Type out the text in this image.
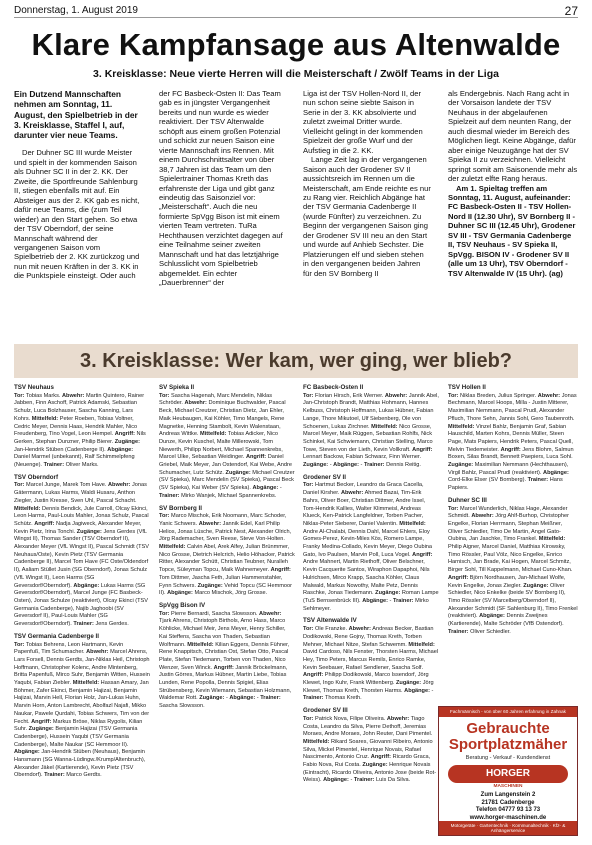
Donnerstag, 1. August 2019	27
Klare Kampfansage aus Altenwalde
3. Kreisklasse: Neue vierte Herren will die Meisterschaft / Zwölf Teams in der Liga

Ein Dutzend Mannschaften nehmen am Sonntag, 11. August, den Spielbetrieb in der 3. Kreisklasse, Staffel I, auf, darunter vier neue Teams.

Der Duhner SC III wurde Meister und spielt in der kommenden Saison als Duhner SC II in der 2. KK. Der Zweite, die Sportfreunde Sahlenburg II, stiegen ebenfalls mit auf. Ein Absteiger aus der 2. KK gab es nicht, dafür neue Teams, die (zum Teil wieder) an den Start gehen. So etwa der TSV Oberndorf, der seine Mannschaft während der vergangenen Saison vom Spielbetrieb der 2. KK zurückzog und nun mit neuen Kräften in der 3. KK in die Punktspiele einsteigt. Oder auch

der FC Basbeck-Osten II: Das Team gab es in jüngster Vergangenheit bereits und nun wurde es wieder reaktiviert. Der TSV Altenwalde schöpft aus einem großen Potenzial und schickt zur neuen Saison eine vierte Mannschaft ins Rennen. Mit einem Durchschnittsalter von über 38,7 Jahren ist das Team um den Spielertrainer Thomas Kreth das erfahrenste der Liga und gibt ganz eindeutig das Saisonziel vor: „Meisterschaft“. Auch die neu formierte SpVgg Bison ist mit einem vierten Team vertreten. TuRa Hechthausen verzichtet dagegen auf eine Teilnahme seiner zweiten Mannschaft und hat das letztjährige Schlusslicht vom Spielbetrieb abgemeldet. Ein echter „Dauerbrenner“ der

Liga ist der TSV Hollen-Nord II, der nun schon seine siebte Saison in Serie in der 3. KK absolvierte und zuletzt zweimal Dritter wurde. Vielleicht gelingt in der kommenden Spielzeit der große Wurf und der Aufstieg in die 2. KK.

Lange Zeit lag in der vergangenen Saison auch der Grodener SV II aussichtsreich im Rennen um die Meisterschaft, am Ende reichte es nur zu Rang vier. Reichlich Abgänge hat der TSV Germania Cadenberge II (wurde Fünfter) zu verzeichnen. Zu Beginn der vergangenen Saison ging der Grodener SV III neu an den Start und wurde auf Anhieb Sechster. Die Platzierungen elf und sieben stehen in den vergangenen beiden Jahren für den SV Bornberg II

als Endergebnis. Nach Rang acht in der Vorsaison landete der TSV Neuhaus in der abgelaufenen Spielzeit auf dem neunten Rang, der auch diesmal wieder im Bereich des Möglichen liegt. Keine Abgänge, dafür aber einige Neuzugänge hat der SV Spieka II zu verzeichnen. Vielleicht springt somit am Saisonende mehr als der zuletzt elfte Rang heraus.

Am 1. Spieltag treffen am Sonntag, 11. August, aufeinander: FC Basbeck-Osten II - TSV Hollen-Nord II (12.30 Uhr), SV Bornberg II - Duhner SC III (12.45 Uhr), Grodener SV III - TSV Germania Cadenberge II, TSV Neuhaus - SV Spieka II, SpVgg. BISON IV - Grodener SV II (alle um 13 Uhr), TSV Oberndorf - TSV Altenwalde IV (15 Uhr). (ag)

3. Kreisklasse: Wer kam, wer ging, wer blieb?
TSV Neuhaus
Tor: Tobias Marks. Abwehr: Martin Quintero, Rainer Jabben, Finn Aschoff, Patrick Adamski, Sebastian Schulz, Luca Bolzhauser, Sascha Kanning, Lars Kohrs. Mittelfeld: Peter Roeben, Tobias Voltner, Cedric Meyer, Dennis Haas, Hendrik Mahler, Nico Freudenberg, Tino Vogel, Leon Hempel. Angriff: Nils Gerken, Stephan Dunzner, Philip Bierer. Zugänge: Jan-Hendrik Stüben (Cadenberge II). Abgänge: Daniel Marmel (unbekannt), Ralf Schimmelpfeng (Neuenge). Trainer: Oliver Marks.
TSV Oberndorf
Tor: Marcel Junge, Marek Tom Have. Abwehr: Jonas Gätermann, Lukas Harms, Waldi Husaru, Anthon Ziegler, Justin Kresse, Sven Uhl, Pascal Schacht. Mittelfeld: Dennis Bendick, Jule Carroll, Olcay Ekinci, Leon Harms, Paul-Louis Mahler, Jonas Schulz, Pascal Schütz. Angriff: Nadja Jagiweck, Alexander Meyer, Kevin Pietz, Irina Tonchi. Zugänge: Jens Gerdes (VfL Wingst II), Thomas Sander (TSV Oberndorf II), Alexander Meyer (VfL Wingst II), Pascal Schmidt (TSV Neuhaus/Oste), Kevin Pietz (TSV Germania Cadenberge II), Marcel Tom Have (FC Oste/Oldendorf II), Aaliam Stüllet Jusin (SG Oberndorf), Jonas Schulz (VfL Wingst II), Leon Harms (SG Geversdorf/Oberndorf). Abgänge: Lukas Harms (SG Geversdorf/Oberndorf), Marcel Junge (FC Basbeck-Osten), Jonas Schulze (reaktiviert), Olcay Ekinci (TSV Germania Cadenberge), Najib Jaghoobi (SV Geversdorf II), Paul-Louis Mahler (SG Geversdorf/Oberndorf). Trainer: Jens Gerdes.
TSV Germania Cadenberge II
Tor: Tobias Behrens, Leon Hartmann, Kevin Papenfuß, Tim Schumacher. Abwehr: Marcel Ahrens, Lars Forsell, Dennis Gerdts, Jan-Niklas Heil, Christoph Hoffmann, Christopher Kolenc, Andre Mintenberg, Britta Papenfuß, Mirco Suhr, Benjamin Witten, Hussein Yaqubi, Fabian Ziebler. Mittelfeld: Hassan Amary, Jan Böhmer, Zafer Ekinci, Benjamin Hajizai, Benjamin Hajizai, Marvin Hell, Florian Holz, Jan-Lukas Huhn, Marvin Horn, Anton Lambrecht, Abolfazl Najafi, Mikko Naukar, Pawele Qurdahi, Tobias Schwers, Tim von der Fecht. Angriff: Markus Bröse, Niklas Rygolis, Kilian Suhr. Zugänge: Benjamin Hajizai (TSV Germania Cadenberge), Hussein Yaqubi (TSV Germania Cadenberge), Malte Naukar (SC Hemmoor II). Abgänge: Jan-Hendrik Stüben (Neuhaus), Benjamin Hansmann (SG Wanna-Lüdingw./Krump/Altenbruch), Alexander Jäkel (Kartierende), Kevin Pietz (TSV Oberndorf). Trainer: Marco Gerdts.
SV Spieka II
Tor: Sascha Hagenah, Marc Mendelin, Niklas Schröder. Abwehr: Dominique Buchwalder, Pascal Beck, Michael Creutzer, Christian Dietz, Jan Ehler, Maik Heubaugen, Kai Köhler, Timo Mangels, Rene Magnetke, Henning Stambolt, Kevin Walenstaan, Andreas Wittke. Mittelfeld: Tobias Adicker, Nico Dunze, Kevin Kuschel, Malte Millerowski, Tom Niewerth, Philipp Norbert, Michael Spannenkrebs, Marcel Ulke, Sebastian Weidinger. Angriff: Daniel Griebel, Maik Meyer, Jan Ostendorf, Kai Webe, Andre Schumacher, Lutz Schütz. Zugänge: Michael Creutzer (SV Spieka), Marc Mendelin (SV Spieka), Pascal Beck (SV Spieka), Kai Weber (SV Spieka). Abgänge: - Trainer: Mirko Wanjek, Michael Spannenkrebs.
SV Bornberg II
Tor: Marco Mischok, Erik Noomann, Marc Schoder, Yanic Schwers. Abwehr: Jannik Edel, Karl Philip Helios, Jonas Lüsche, Patrick Nest, Alexander Olrich, Jörg Rademacher, Sven Reese, Steve Von-Holten. Mittelfeld: Calvin Abel, Arek Alfey, Julian Brünmmer, Nico Grosse, Dietrich Helcrich, Helio Höhacker, Patrick Ritter, Alexander Schütt, Christian Teubner, Nuralleh Topce, Süleyman Topcu, Maik Wahnemeyer. Angriff: Tom Dittmer, Jascha Feth, Julian Hammenstahler, Fynn Schwers. Zugänge: Vehid Topcu (SC Hemmoor II). Abgänge: Marco Mischok, Jörg Grosse.
SpVgg Bison IV
Tor: Pierre Bernardi, Sascha Slowsson. Abwehr: Tjark Ahrens, Christoph Birthols, Arno Hass, Marco Köhlicke, Michael Meir, Jens Meyer, Henry Schiller, Kai Steffens, Sascha von Thaden, Sebastian Wolfmann. Mittelfeld: Kilian Eggers, Dennis Fühner, Rene Knappitsch, Christian Ost, Stefan Otto, Pascal Plate, Stefan Tiedemann, Torben von Thaden, Nico Wenzer, Sven Winck. Angriff: Jannik Bröckelmann, Justin Görres, Markus Hübner, Martin Liebe, Tobias Lunden, Rene Popolla, Dennis Spigiel, Elias Strübensberg, Kevin Wiemann, Sebastian Holzmann, Waldemar Rott. Zugänge: - Abgänge: - Trainer: Sascha Slowsson.
FC Basbeck-Osten II
Tor: Florian Hirsch, Erik Werner. Abwehr: Jannik Abel, Jan-Christoph Brandt, Matthias Hohmann, Hannes Kelbuss, Christoph Hoffmann, Lukas Hübner, Fabian Lange, Thore Mikutoel, Ulf Siebenberg, Ole von Schoenen, Lukas Zirchner. Mittelfeld: Nico Grosse, Marcel Meyer, Maik Rüggen, Sebastian Rohlfs, Nick Schinkel, Kai Schwiemann, Christian Stelling, Marco Towe, Steven von der Lieth, Kevin Vollkraft. Angriff: Lennart Backow, Fabian Schwarz, Finn Werner. Zugänge: - Abgänge: - Trainer: Dennis Reitig.
Grodener SV II
Tor: Hartmut Becker, Leandro da Graca Cacella, Daniel Kirsher. Abwehr: Ahmed Bazai, Tim-Erik Bahrs, Oliver Boer, Christian Dittmer, Andre Issel, Tom-Hendrik Kallies, Walter Klimmeisl, Andreas Klueck, Ken-Patrick Langfeldner, Torben Pacher, Niklas-Peter Sieberer, Daniel Valentin. Mittelfeld: Andre Al-Chalabi, Dennis Dahl, Marcel Ehlers, Eloy Gomes-Perez, Kevin-Miles Kös, Romero Lampe, Franky Medina-Collado, Kevin Meyer, Diego Oubina Gato, Ivo Paulsen, Marvin Poll, Luca Vogel. Angriff: Andre Mahnert, Martin Riethoff, Oliver Belschner, Kevin Cacquerite Santos, Wiraphon Dapaphoi, Nils Hulrichsen, Mirco Krapp, Sascha Köhler, Claus Malwald, Markus Nowothy, Malte Petz, Dennis Raschke, Jonas Tiedemann. Zugänge: Roman Lampe (TuS Bernsenbrück III). Abgänge: - Trainer: Mirko Sehlmeyer.
TSV Altenwalde IV
Tor: Ole Franzke. Abwehr: Andreas Becker, Bastian Dodikowski, Rene Gojny, Thomas Kreth, Torben Mehner, Michael Nitze, Stefan Schwemm. Mittelfeld: David Cardoso, Nils Fenster, Thorsten Harms, Michael Hey, Timo Peters, Marcus Remils, Enrico Ramke, Kevin Seebauer, Rafael Sendlener, Sascha Solf. Angriff: Philipp Dodikowski, Marco Issendorf, Jörg Klewet, Ingo Kuhr, Frank Wittenberg. Zugänge: Jörg Klewet, Thomas Kreth, Thorsten Harms. Abgänge: - Trainer: Thomas Kreth.
Grodener SV III
Tor: Patrick Nova, Filipe Oliveira. Abwehr: Tiago Costa, Leandro da Silva, Pierre Dethoff, Jeremias Moraes, Andre Moraes, John Reuter, Dani Pimentel. Mittelfeld: Rikard Soares, Giovanni Ribeiro, Antonio Silva, Mickel Pimentel, Henrique Novais, Rafael Nascimento, Antonio Cruz. Angriff: Ricardo Graca, Fabio Nova, Rui Costa. Zugänge: Henrique Novais (Eintracht), Ricardo Oliveira, Antonio Jose (beide Rot-Weiss). Abgänge: - Trainer: Luis Da Silva.
TSV Hollen II
Tor: Niklas Breden, Julius Springer. Abwehr: Jonas Bechmann, Marcel Hoops, Milla - Justin Mitterer, Maximilian Nemmann, Pascal Prudl, Alexander Pfluch, Thore Sehn, Jannis Sohl, Gero Taubenroth. Mittelfeld: Vinzel Bahlz, Benjamin Graf, Sabian Hauschild, Marten Kohrs, Dennis Müller, Steen Page, Mats Papiers, Hendrik Peters, Pascal Quell, Melvin Tiedemeister. Angriff: Jens Blohm, Salmun Boxen, Silas Brandt, Bennett Paepiers, Luca Sohl. Zugänge: Maximilian Nemmann (Hechthausen), Virgil Bahlz, Pascal Prudl (reaktiviert). Abgänge: Cord-Elke Elser (SV Bornberg). Trainer: Hans Papiers.
Duhner SC III
Tor: Marcel Wunderlich, Niklas Hage, Alexander Schmidt. Abwehr: Jörg Ahlf-Burhop, Christopher Engelke, Florian Herrmann, Stephan Meißner, Oliver Schiedler, Timo De Martin, Angel Gato-Oubina, Jan Jaschke, Timo Frankel. Mittelfeld: Philip Aigner, Marcel Daniel, Matthias Kirowsky, Timo Rössler, Paul Völz, Nico Engelke, Enrico Harnisch, Jan Brade, Kai Hogen, Marcel Schmitz, Birger Sohl, Till Kappelmann, Michael Cuno-Khan. Angriff: Björn Nordhausen, Jan-Michael Wolfe, Kevin Engelke, Jonas Ziegler. Zugänge: Oliver Schiedler, Nico Enkelke (beide SV Bornberg II), Timo Rössler (SV Marcelberg/Oberndorf II), Alexander Schmidt (SF Sahlenburg II), Timo Frenkel (reaktiviert). Abgänge: Dennis Zweijnes (Kartierende), Malte Schröder (VfB Ostendorf). Trainer: Oliver Schiedler.
Fachmännisch - von über 60 Jahren erfahrung in Zahnak
Gebrauchte
Sportplatzmäher
Beratung - Verkauf - Kundendienst
HORGER
MASCHINEN
Zum Langenstein 2
21781 Cadenberge
Telefon 04777 93 13 73
www.horger-maschinen.de
Motorgeräte · Gartentechnik · Kommunaltechnik · Kfz- & Anhängerservice
